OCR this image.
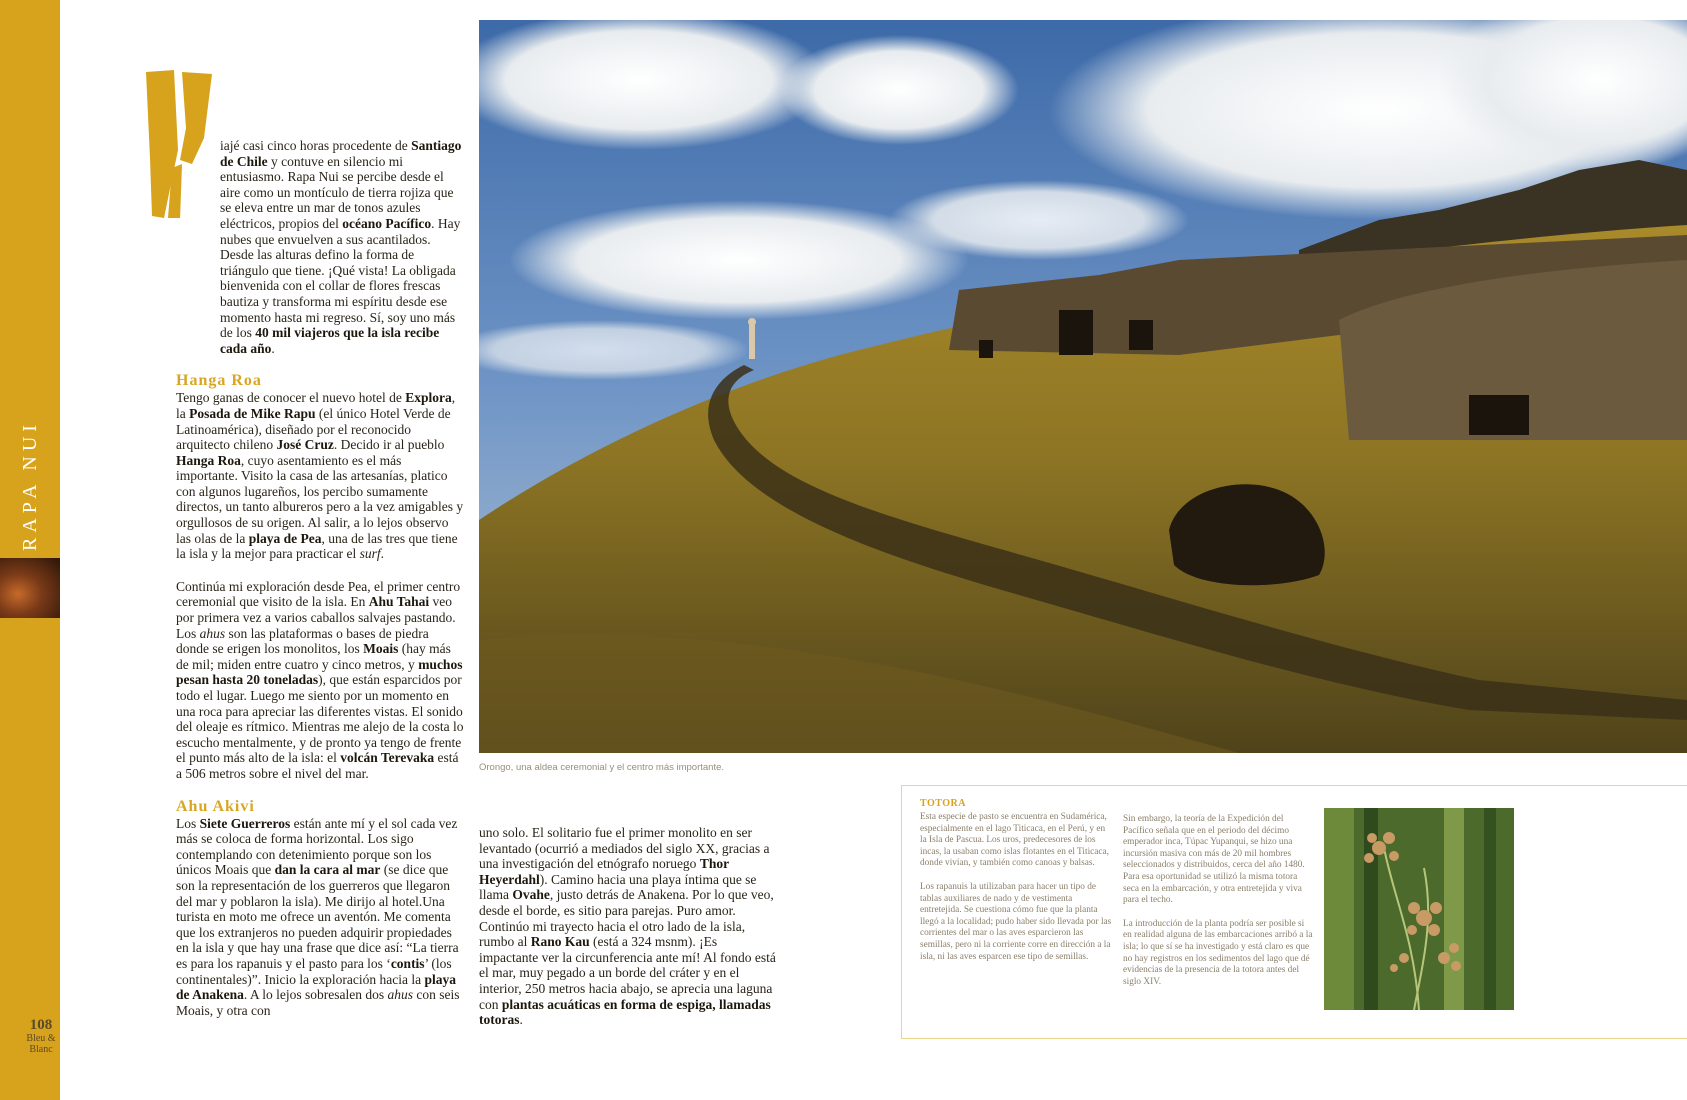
RAPA NUI
108
Bleu & Blanc

iajé casi cinco horas procedente de Santiago de Chile y contuve en silencio mi entusiasmo. Rapa Nui se percibe desde el aire como un montículo de tierra rojiza que se eleva entre un mar de tonos azules eléctricos, propios del océano Pacífico. Hay nubes que envuelven a sus acantilados. Desde las alturas defino la forma de triángulo que tiene. ¡Qué vista! La obligada bienvenida con el collar de flores frescas bautiza y transforma mi espíritu desde ese momento hasta mi regreso. Sí, soy uno más de los 40 mil viajeros que la isla recibe cada año.

Hanga Roa

Tengo ganas de conocer el nuevo hotel de Explora, la Posada de Mike Rapu (el único Hotel Verde de Latinoamérica), diseñado por el reconocido arquitecto chileno José Cruz. Decido ir al pueblo Hanga Roa, cuyo asentamiento es el más importante. Visito la casa de las artesanías, platico con algunos lugareños, los percibo sumamente directos, un tanto albureros pero a la vez amigables y orgullosos de su origen. Al salir, a lo lejos observo las olas de la playa de Pea, una de las tres que tiene la isla y la mejor para practicar el surf.

Continúa mi exploración desde Pea, el primer centro ceremonial que visito de la isla. En Ahu Tahai veo por primera vez a varios caballos salvajes pastando. Los ahus son las plataformas o bases de piedra donde se erigen los monolitos, los Moais (hay más de mil; miden entre cuatro y cinco metros, y muchos pesan hasta 20 toneladas), que están esparcidos por todo el lugar. Luego me siento por un momento en una roca para apreciar las diferentes vistas. El sonido del oleaje es rítmico. Mientras me alejo de la costa lo escucho mentalmente, y de pronto ya tengo de frente el punto más alto de la isla: el volcán Terevaka está a 506 metros sobre el nivel del mar.

Ahu Akivi

Los Siete Guerreros están ante mí y el sol cada vez más se coloca de forma horizontal. Los sigo contemplando con detenimiento porque son los únicos Moais que dan la cara al mar (se dice que son la representación de los guerreros que llegaron del mar y poblaron la isla). Me dirijo al hotel.Una turista en moto me ofrece un aventón. Me comenta que los extranjeros no pueden adquirir propiedades en la isla y que hay una frase que dice así: “La tierra es para los rapanuis y el pasto para los ‘contis’ (los continentales)”. Inicio la exploración hacia la playa de Anakena. A lo lejos sobresalen dos ahus con seis Moais, y otra con

uno solo. El solitario fue el primer monolito en ser levantado (ocurrió a mediados del siglo XX, gracias a una investigación del etnógrafo noruego Thor Heyerdahl). Camino hacia una playa íntima que se llama Ovahe, justo detrás de Anakena. Por lo que veo, desde el borde, es sitio para parejas. Puro amor. Continúo mi trayecto hacia el otro lado de la isla, rumbo al Rano Kau (está a 324 msnm). ¡Es impactante ver la circunferencia ante mí! Al fondo está el mar, muy pegado a un borde del cráter y en el interior, 250 metros hacia abajo, se aprecia una laguna con plantas acuáticas en forma de espiga, llamadas totoras.

Orongo, una aldea ceremonial y el centro más importante.
TOTORA

Esta especie de pasto se encuentra en Sudamérica, especialmente en el lago Titicaca, en el Perú, y en la Isla de Pascua. Los uros, predecesores de los incas, la usaban como islas flotantes en el Titicaca, donde vivían, y también como canoas y balsas.

Los rapanuis la utilizaban para hacer un tipo de tablas auxiliares de nado y de vestimenta entretejida. Se cuestiona cómo fue que la planta llegó a la localidad; pudo haber sido llevada por las corrientes del mar o las aves esparcieron las semillas, pero ni la corriente corre en dirección a la isla, ni las aves esparcen ese tipo de semillas.

Sin embargo, la teoría de la Expedición del Pacífico señala que en el periodo del décimo emperador inca, Túpac Yupanqui, se hizo una incursión masiva con más de 20 mil hombres seleccionados y distribuidos, cerca del año 1480. Para esa oportunidad se utilizó la misma totora seca en la embarcación, y otra entretejida y viva para el techo.

La introducción de la planta podría ser posible si en realidad alguna de las embarcaciones arribó a la isla; lo que sí se ha investigado y está claro es que no hay registros en los sedimentos del lago que dé evidencias de la presencia de la totora antes del siglo XIV.
